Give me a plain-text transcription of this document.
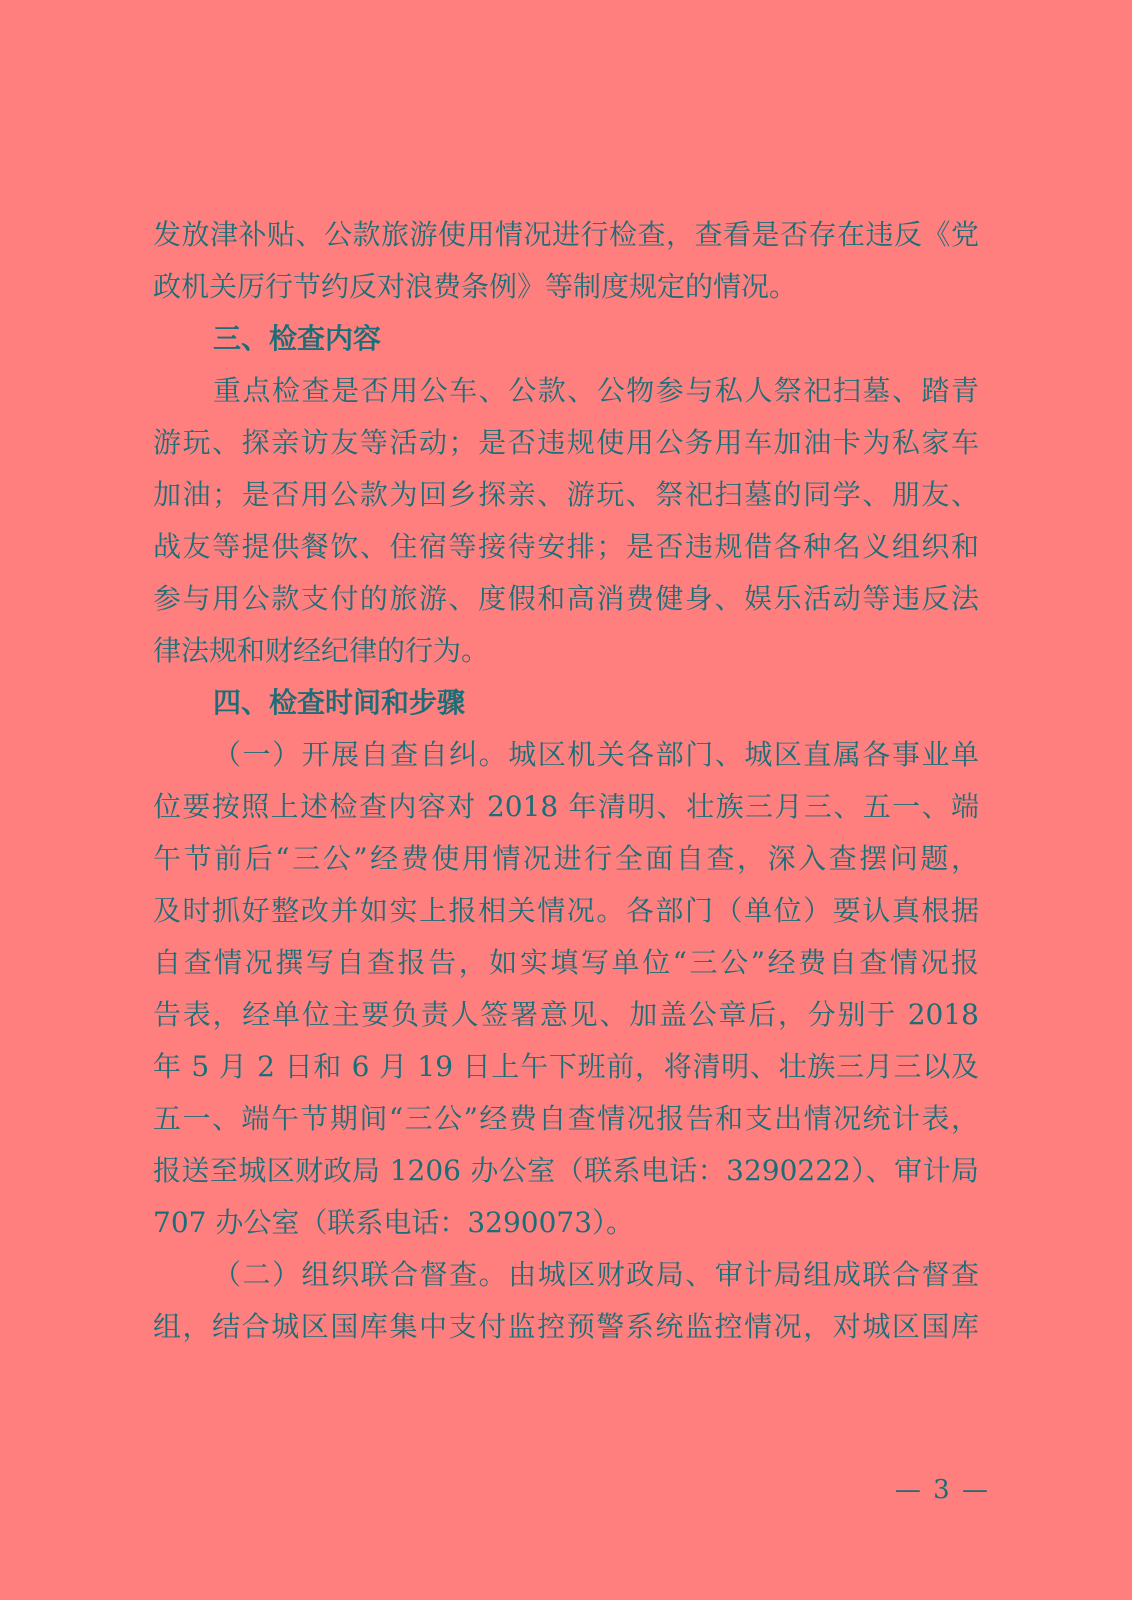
发放津补贴、公款旅游使用情况进行检查，查看是否存在违反《党
政机关厉行节约反对浪费条例》等制度规定的情况。
三、检查内容
重点检查是否用公车、公款、公物参与私人祭祀扫墓、踏青
游玩、探亲访友等活动；是否违规使用公务用车加油卡为私家车
加油；是否用公款为回乡探亲、游玩、祭祀扫墓的同学、朋友、
战友等提供餐饮、住宿等接待安排；是否违规借各种名义组织和
参与用公款支付的旅游、度假和高消费健身、娱乐活动等违反法
律法规和财经纪律的行为。
四、检查时间和步骤
（一）开展自查自纠。城区机关各部门、城区直属各事业单
位要按照上述检查内容对 2018 年清明、壮族三月三、五一、端
午节前后“三公”经费使用情况进行全面自查，深入查摆问题，
及时抓好整改并如实上报相关情况。各部门（单位）要认真根据
自查情况撰写自查报告，如实填写单位“三公”经费自查情况报
告表，经单位主要负责人签署意见、加盖公章后，分别于 2018
年 5 月 2 日和 6 月 19 日上午下班前，将清明、壮族三月三以及
五一、端午节期间“三公”经费自查情况报告和支出情况统计表，
报送至城区财政局 1206 办公室（联系电话：3290222）、审计局
707 办公室（联系电话：3290073）。
（二）组织联合督查。由城区财政局、审计局组成联合督查
组，结合城区国库集中支付监控预警系统监控情况，对城区国库
— 3 —
